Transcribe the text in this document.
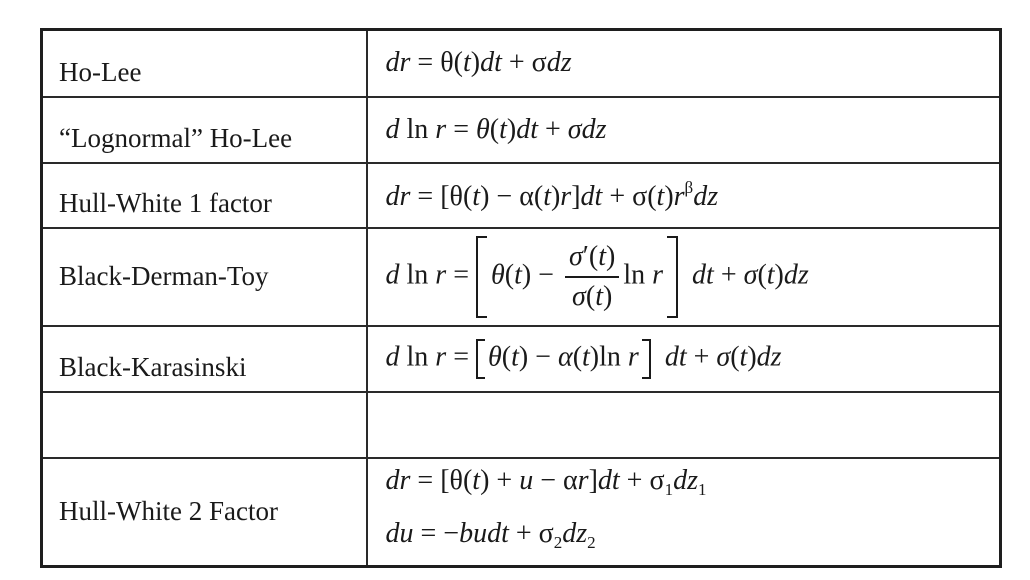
Ho-Lee	dr = θ(t)dt + σdz
“Lognormal” Ho-Lee	d ln r = θ(t)dt + σdz
Hull-White 1 factor	dr = $[\theta(t) - \alpha(t)r]dt + \sigma(t)r^\beta dz$
Black-Derman-Toy	d $\ln r = \theta(t) - \frac{\sigma'(t)}{\sigma(t)}$ ln r dt + σ(t)dz
Black-Karasinski	d ln r = θ(t) − α(t)ln r dt + σ(t)dz

Hull-White 2 Factor	dr = $[\theta(t) + u - \alpha r]dt + \sigma_1dz_1$
du = −budt + $\sigma_2dz_2$
